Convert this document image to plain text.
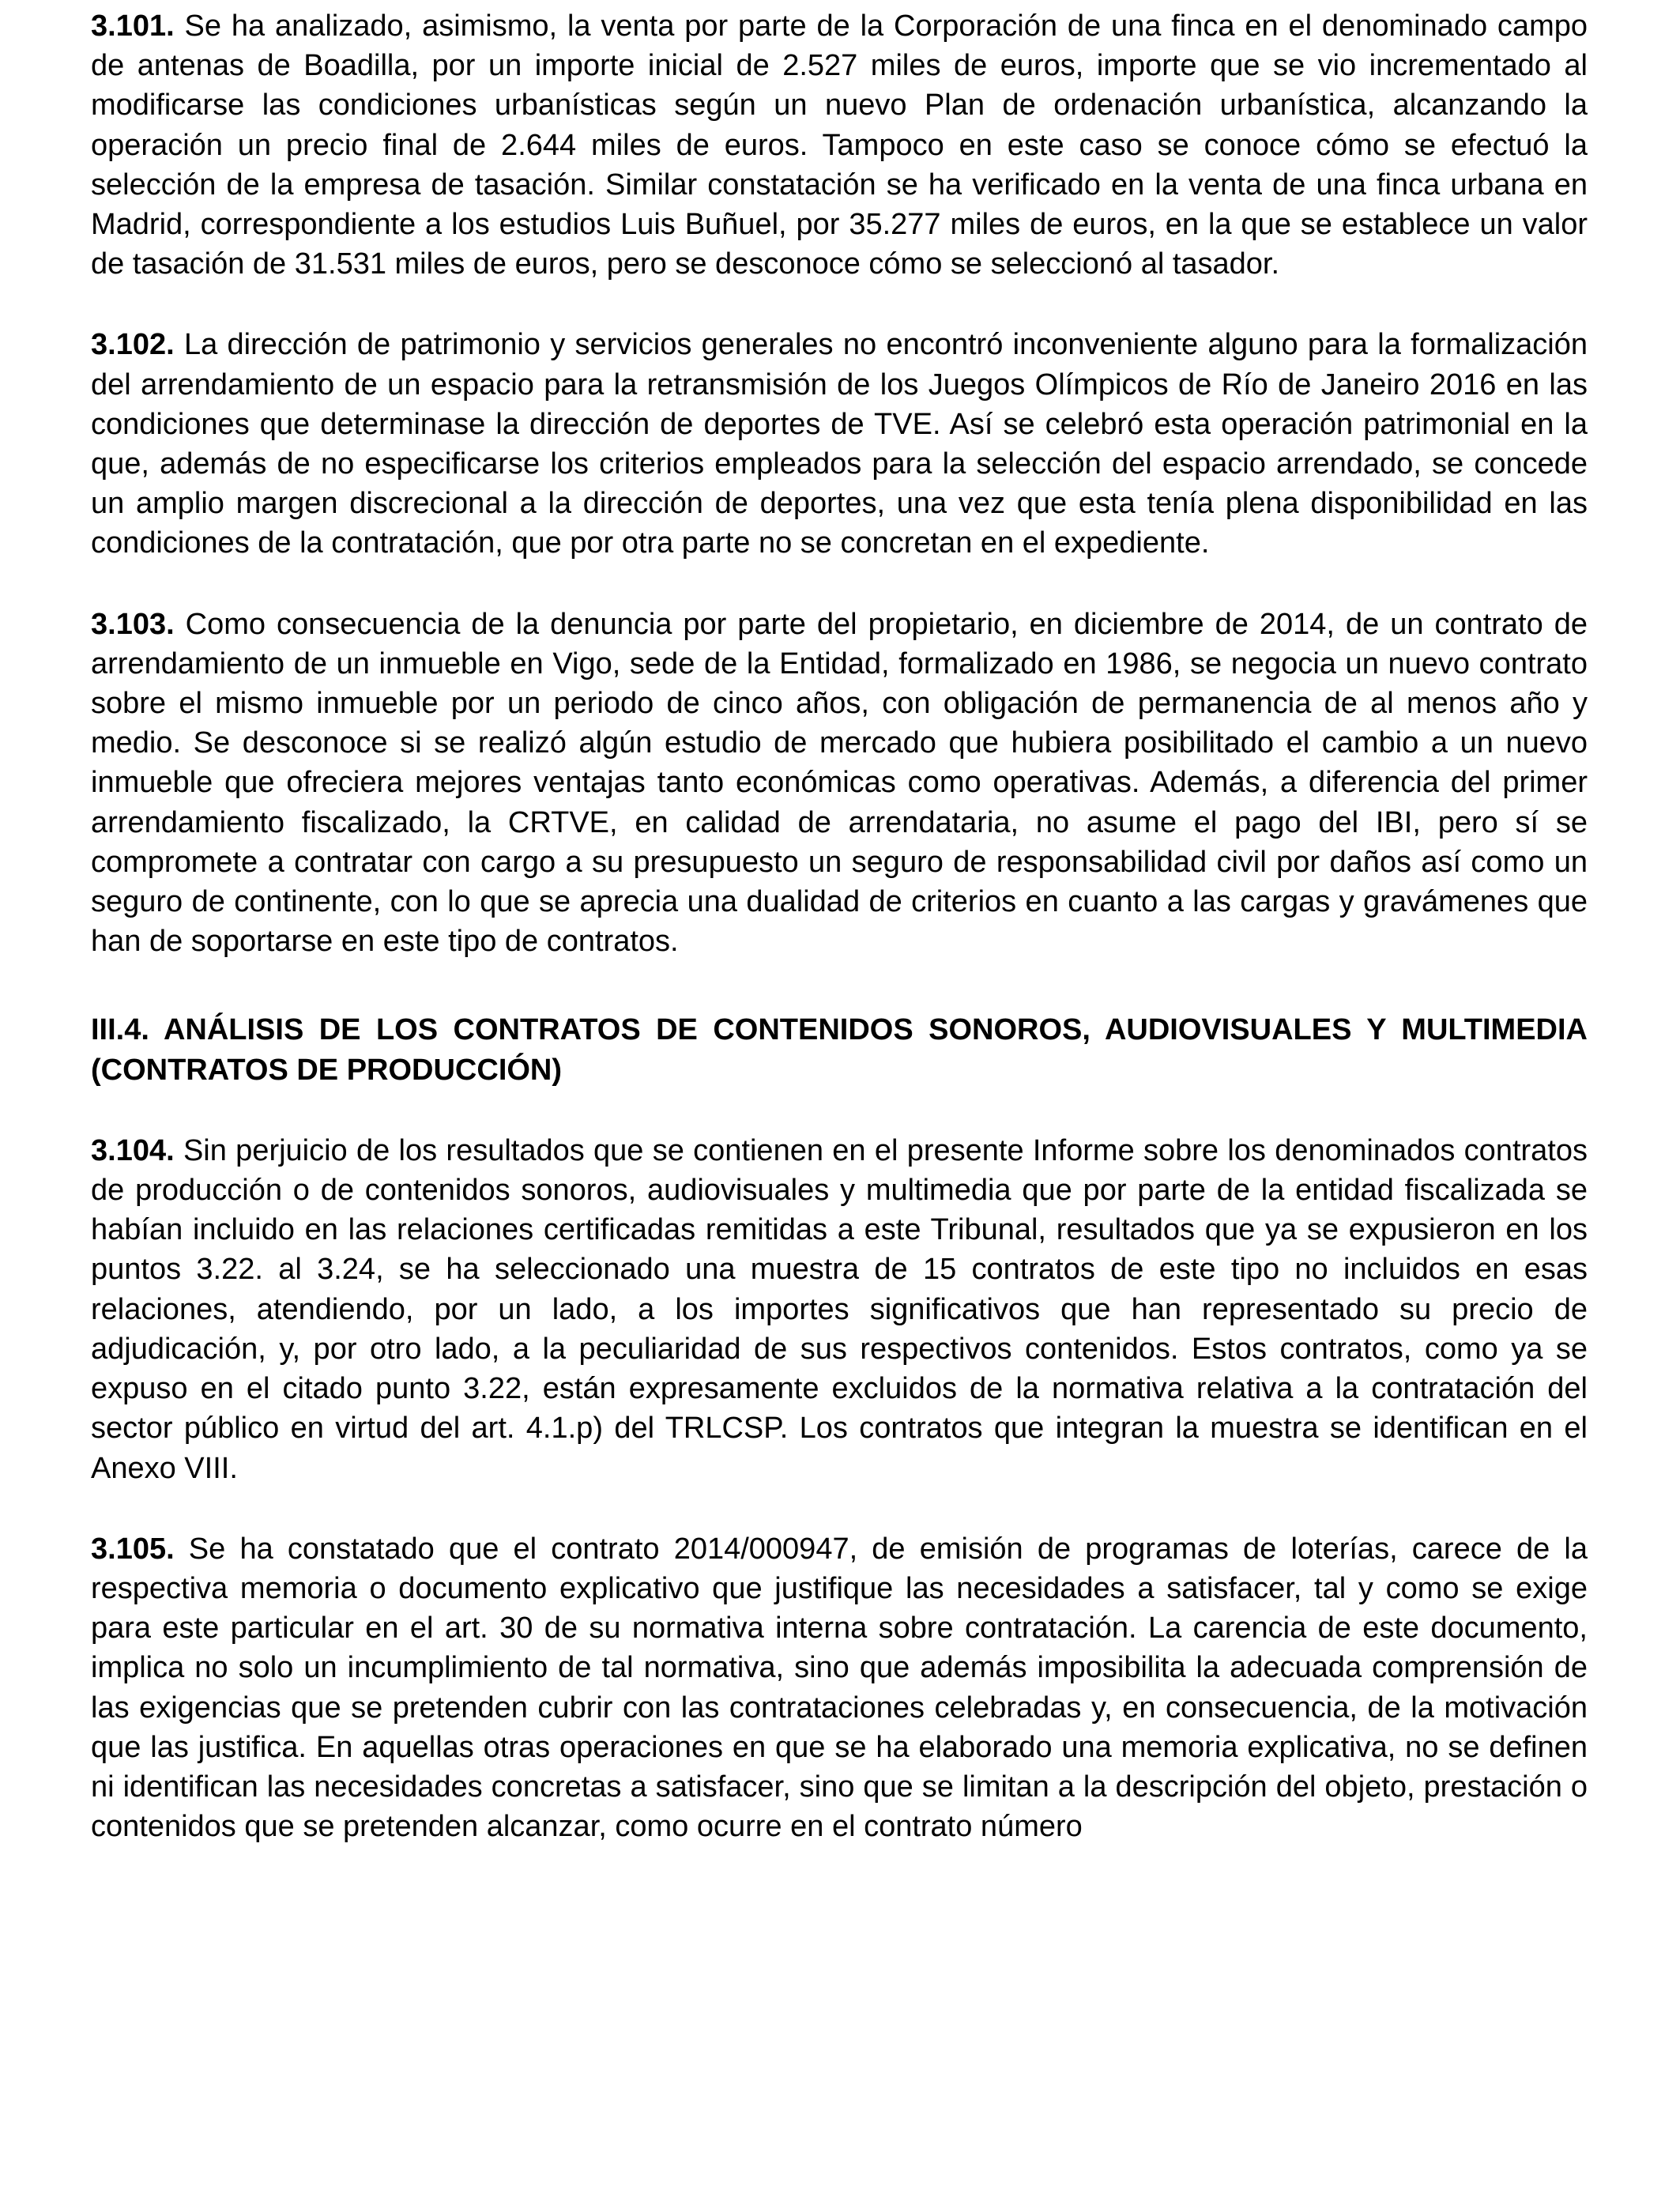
3.101. Se ha analizado, asimismo, la venta por parte de la Corporación de una finca en el denominado campo de antenas de Boadilla, por un importe inicial de 2.527 miles de euros, importe que se vio incrementado al modificarse las condiciones urbanísticas según un nuevo Plan de ordenación urbanística, alcanzando la operación un precio final de 2.644 miles de euros. Tampoco en este caso se conoce cómo se efectuó la selección de la empresa de tasación. Similar constatación se ha verificado en la venta de una finca urbana en Madrid, correspondiente a los estudios Luis Buñuel, por 35.277 miles de euros, en la que se establece un valor de tasación de 31.531 miles de euros, pero se desconoce cómo se seleccionó al tasador.

3.102. La dirección de patrimonio y servicios generales no encontró inconveniente alguno para la formalización del arrendamiento de un espacio para la retransmisión de los Juegos Olímpicos de Río de Janeiro 2016 en las condiciones que determinase la dirección de deportes de TVE. Así se celebró esta operación patrimonial en la que, además de no especificarse los criterios empleados para la selección del espacio arrendado, se concede un amplio margen discrecional a la dirección de deportes, una vez que esta tenía plena disponibilidad en las condiciones de la contratación, que por otra parte no se concretan en el expediente.

3.103. Como consecuencia de la denuncia por parte del propietario, en diciembre de 2014, de un contrato de arrendamiento de un inmueble en Vigo, sede de la Entidad, formalizado en 1986, se negocia un nuevo contrato sobre el mismo inmueble por un periodo de cinco años, con obligación de permanencia de al menos año y medio. Se desconoce si se realizó algún estudio de mercado que hubiera posibilitado el cambio a un nuevo inmueble que ofreciera mejores ventajas tanto económicas como operativas. Además, a diferencia del primer arrendamiento fiscalizado, la CRTVE, en calidad de arrendataria, no asume el pago del IBI, pero sí se compromete a contratar con cargo a su presupuesto un seguro de responsabilidad civil por daños así como un seguro de continente, con lo que se aprecia una dualidad de criterios en cuanto a las cargas y gravámenes que han de soportarse en este tipo de contratos.

III.4. ANÁLISIS DE LOS CONTRATOS DE CONTENIDOS SONOROS, AUDIOVISUALES Y MULTIMEDIA (CONTRATOS DE PRODUCCIÓN)

3.104. Sin perjuicio de los resultados que se contienen en el presente Informe sobre los denominados contratos de producción o de contenidos sonoros, audiovisuales y multimedia que por parte de la entidad fiscalizada se habían incluido en las relaciones certificadas remitidas a este Tribunal, resultados que ya se expusieron en los puntos 3.22. al 3.24, se ha seleccionado una muestra de 15 contratos de este tipo no incluidos en esas relaciones, atendiendo, por un lado, a los importes significativos que han representado su precio de adjudicación, y, por otro lado, a la peculiaridad de sus respectivos contenidos. Estos contratos, como ya se expuso en el citado punto 3.22, están expresamente excluidos de la normativa relativa a la contratación del sector público en virtud del art. 4.1.p) del TRLCSP. Los contratos que integran la muestra se identifican en el Anexo VIII.

3.105. Se ha constatado que el contrato 2014/000947, de emisión de programas de loterías, carece de la respectiva memoria o documento explicativo que justifique las necesidades a satisfacer, tal y como se exige para este particular en el art. 30 de su normativa interna sobre contratación. La carencia de este documento, implica no solo un incumplimiento de tal normativa, sino que además imposibilita la adecuada comprensión de las exigencias que se pretenden cubrir con las contrataciones celebradas y, en consecuencia, de la motivación que las justifica. En aquellas otras operaciones en que se ha elaborado una memoria explicativa, no se definen ni identifican las necesidades concretas a satisfacer, sino que se limitan a la descripción del objeto, prestación o contenidos que se pretenden alcanzar, como ocurre en el contrato número
